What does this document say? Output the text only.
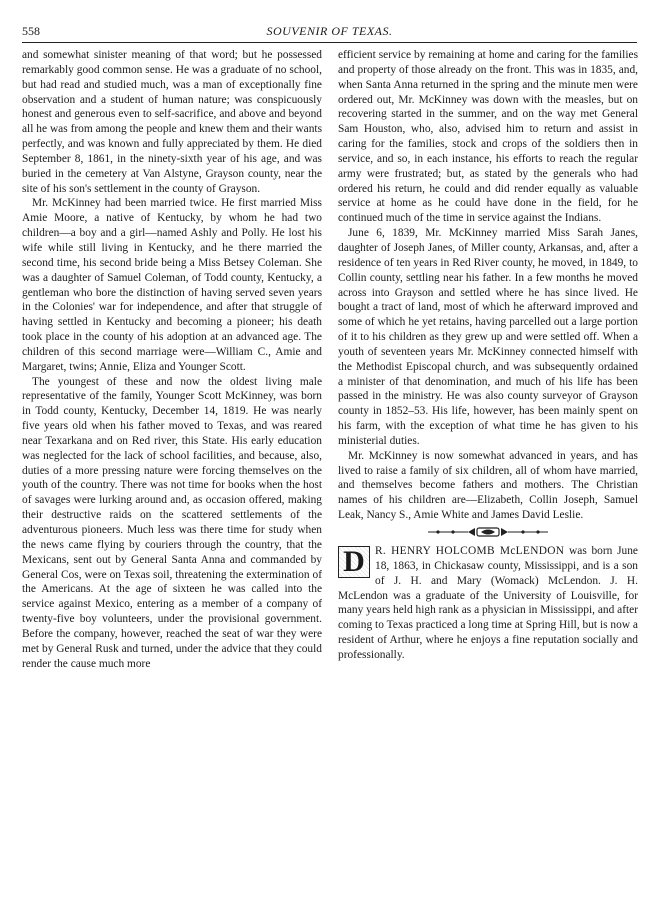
558	SOUVENIR OF TEXAS.

and somewhat sinister meaning of that word; but he possessed remarkably good common sense. He was a graduate of no school, but had read and studied much, was a man of exceptionally fine observation and a student of human nature; was conspicuously honest and generous even to self-sacrifice, and above and beyond all he was from among the people and knew them and their wants perfectly, and was known and fully appreciated by them. He died September 8, 1861, in the ninety-sixth year of his age, and was buried in the cemetery at Van Alstyne, Grayson county, near the site of his son's settlement in the county of Grayson.

Mr. McKinney had been married twice. He first married Miss Amie Moore, a native of Kentucky, by whom he had two children—a boy and a girl—named Ashly and Polly. He lost his wife while still living in Kentucky, and he there married the second time, his second bride being a Miss Betsey Coleman. She was a daughter of Samuel Coleman, of Todd county, Kentucky, a gentleman who bore the distinction of having served seven years in the Colonies' war for independence, and after that struggle of having settled in Kentucky and becoming a pioneer; his death took place in the county of his adoption at an advanced age. The children of this second marriage were—William C., Amie and Margaret, twins; Annie, Eliza and Younger Scott.

The youngest of these and now the oldest living male representative of the family, Younger Scott McKinney, was born in Todd county, Kentucky, December 14, 1819. He was nearly five years old when his father moved to Texas, and was reared near Texarkana and on Red river, this State. His early education was neglected for the lack of school facilities, and because, also, duties of a more pressing nature were forcing themselves on the youth of the country. There was not time for books when the host of savages were lurking around and, as occasion offered, making their destructive raids on the scattered settlements of the adventurous pioneers. Much less was there time for study when the news came flying by couriers through the country, that the Mexicans, sent out by General Santa Anna and commanded by General Cos, were on Texas soil, threatening the extermination of the Americans. At the age of sixteen he was called into the service against Mexico, entering as a member of a company of twenty-five boy volunteers, under the provisional government. Before the company, however, reached the seat of war they were met by General Rusk and turned, under the advice that they could render the cause much more

efficient service by remaining at home and caring for the families and property of those already on the front. This was in 1835, and, when Santa Anna returned in the spring and the minute men were ordered out, Mr. McKinney was down with the measles, but on recovering started in the summer, and on the way met General Sam Houston, who, also, advised him to return and assist in caring for the families, stock and crops of the soldiers then in service, and so, in each instance, his efforts to reach the regular army were frustrated; but, as stated by the generals who had ordered his return, he could and did render equally as valuable service at home as he could have done in the field, for he continued much of the time in service against the Indians.

June 6, 1839, Mr. McKinney married Miss Sarah Janes, daughter of Joseph Janes, of Miller county, Arkansas, and, after a residence of ten years in Red River county, he moved, in 1849, to Collin county, settling near his father. In a few months he moved across into Grayson and settled where he has since lived. He bought a tract of land, most of which he afterward improved and some of which he yet retains, having parcelled out a large portion of it to his children as they grew up and were settled off. When a youth of seventeen years Mr. McKinney connected himself with the Methodist Episcopal church, and was subsequently ordained a minister of that denomination, and much of his life has been passed in the ministry. He was also county surveyor of Grayson county in 1852–53. His life, however, has been mainly spent on his farm, with the exception of what time he has given to his ministerial duties.

Mr. McKinney is now somewhat advanced in years, and has lived to raise a family of six children, all of whom have married, and themselves become fathers and mothers. The Christian names of his children are—Elizabeth, Collin Joseph, Samuel Leak, Nancy S., Amie White and James David Leslie.

D R. HENRY HOLCOMB McLENDON was born June 18, 1863, in Chickasaw county, Mississippi, and is a son of J. H. and Mary (Womack) McLendon. J. H. McLendon was a graduate of the University of Louisville, for many years held high rank as a physician in Mississippi, and after coming to Texas practiced a long time at Spring Hill, but is now a resident of Arthur, where he enjoys a fine reputation socially and professionally.
